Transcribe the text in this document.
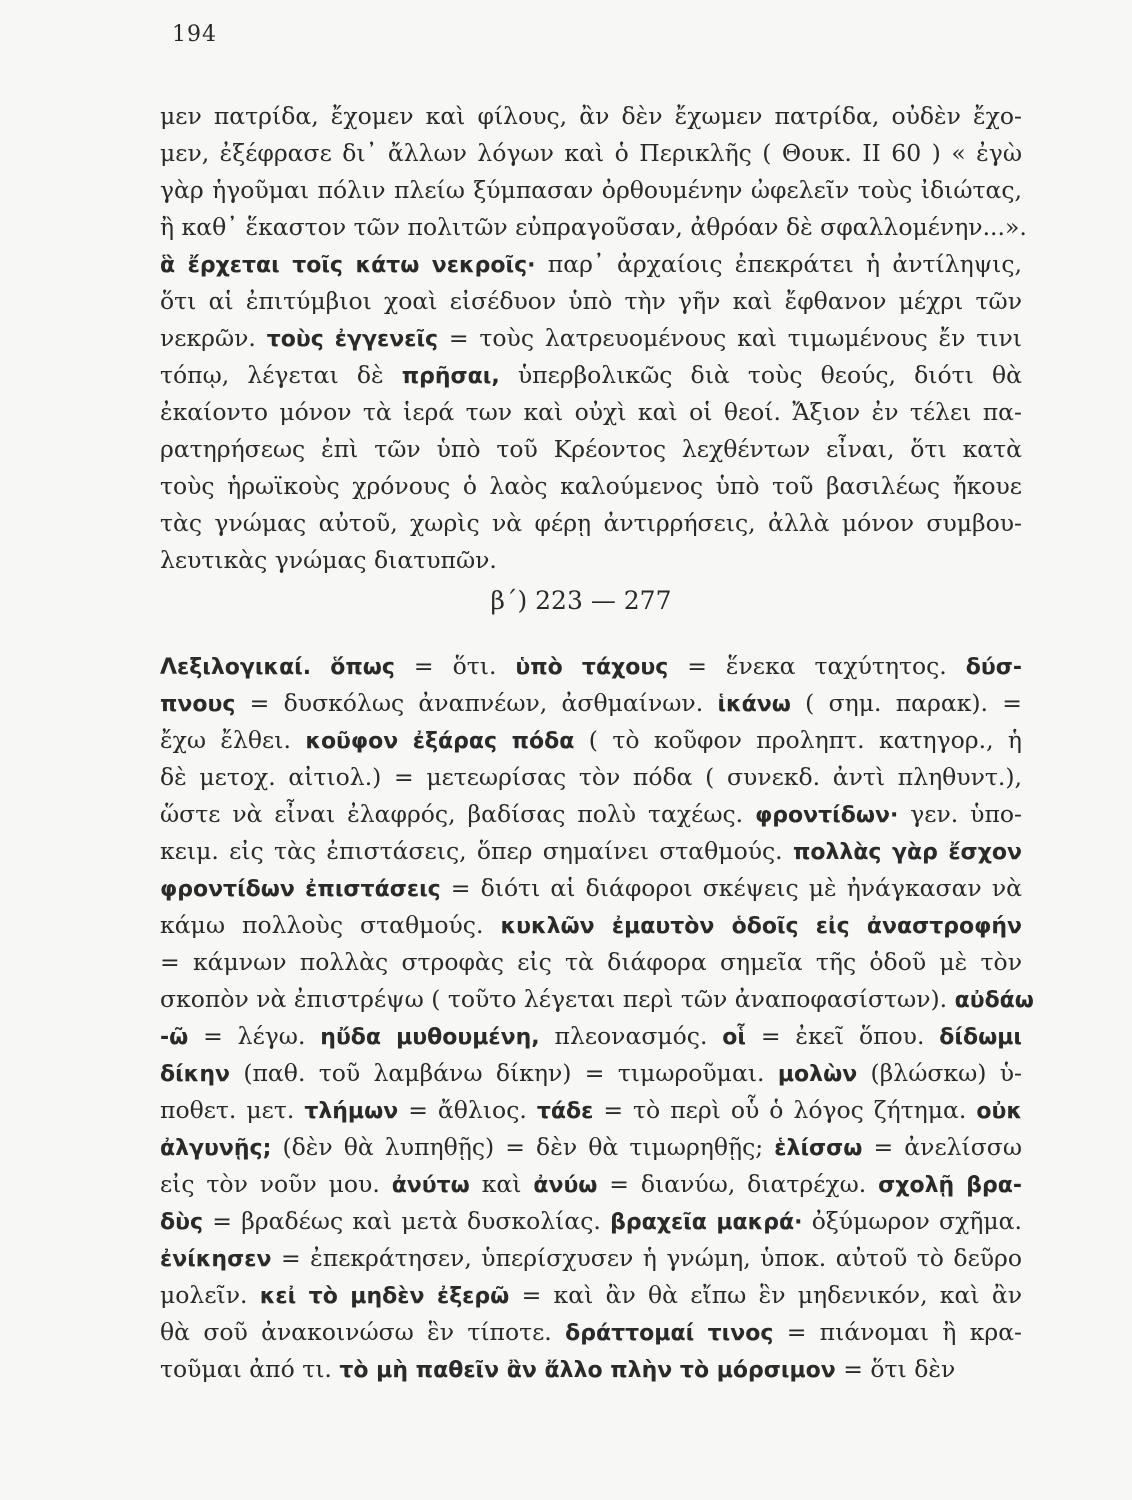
194
μεν πατρίδα, ἔχομεν καὶ φίλους, ἂν δὲν ἔχωμεν πατρίδα, οὐδὲν ἔχο-
μεν, ἐξέφρασε δι᾽ ἄλλων λόγων καὶ ὁ Περικλῆς ( Θουκ. ΙΙ 60 ) « ἐγὼ
γὰρ ἡγοῦμαι πόλιν πλείω ξύμπασαν ὀρθουμένην ὠφελεῖν τοὺς ἰδιώτας,
ἢ καθ᾽ ἕκαστον τῶν πολιτῶν εὐπραγοῦσαν, ἀθρόαν δὲ σφαλλομένην...».
ἃ ἔρχεται τοῖς κάτω νεκροῖς· παρ᾽ ἀρχαίοις ἐπεκράτει ἡ ἀντίληψις,
ὅτι αἱ ἐπιτύμβιοι χοαὶ εἰσέδυον ὑπὸ τὴν γῆν καὶ ἔφθανον μέχρι τῶν
νεκρῶν. τοὺς ἐγγενεῖς = τοὺς λατρευομένους καὶ τιμωμένους ἔν τινι
τόπῳ, λέγεται δὲ πρῆσαι, ὑπερβολικῶς διὰ τοὺς θεούς, διότι θὰ
ἐκαίοντο μόνον τὰ ἱερά των καὶ οὐχὶ καὶ οἱ θεοί. Ἄξιον ἐν τέλει πα-
ρατηρήσεως ἐπὶ τῶν ὑπὸ τοῦ Κρέοντος λεχθέντων εἶναι, ὅτι κατὰ
τοὺς ἡρωϊκοὺς χρόνους ὁ λαὸς καλούμενος ὑπὸ τοῦ βασιλέως ἤκουε
τὰς γνώμας αὐτοῦ, χωρὶς νὰ φέρῃ ἀντιρρήσεις, ἀλλὰ μόνον συμβου-
λευτικὰς γνώμας διατυπῶν.
β΄) 223 — 277
Λεξιλογικαί. ὅπως = ὅτι. ὑπὸ τάχους = ἕνεκα ταχύτητος. δύσ-
πνους = δυσκόλως ἀναπνέων, ἀσθμαίνων. ἱκάνω ( σημ. παρακ). =
ἔχω ἔλθει. κοῦφον ἐξάρας πόδα ( τὸ κοῦφον προληπτ. κατηγορ., ἡ
δὲ μετοχ. αἰτιολ.) = μετεωρίσας τὸν πόδα ( συνεκδ. ἀντὶ πληθυντ.),
ὥστε νὰ εἶναι ἐλαφρός, βαδίσας πολὺ ταχέως. φροντίδων· γεν. ὑπο-
κειμ. εἰς τὰς ἐπιστάσεις, ὅπερ σημαίνει σταθμούς. πολλὰς γὰρ ἔσχον
φροντίδων ἐπιστάσεις = διότι αἱ διάφοροι σκέψεις μὲ ἠνάγκασαν νὰ
κάμω πολλοὺς σταθμούς. κυκλῶν ἐμαυτὸν ὁδοῖς εἰς ἀναστροφήν
= κάμνων πολλὰς στροφὰς εἰς τὰ διάφορα σημεῖα τῆς ὁδοῦ μὲ τὸν
σκοπὸν νὰ ἐπιστρέψω ( τοῦτο λέγεται περὶ τῶν ἀναποφασίστων). αὐδάω
-ῶ = λέγω. ηὔδα μυθουμένη, πλεονασμός. οἷ = ἐκεῖ ὅπου. δίδωμι
δίκην (παθ. τοῦ λαμβάνω δίκην) = τιμωροῦμαι. μολὼν (βλώσκω) ὑ-
ποθετ. μετ. τλήμων = ἄθλιος. τάδε = τὸ περὶ οὗ ὁ λόγος ζήτημα. οὐκ
ἀλγυνῇς; (δὲν θὰ λυπηθῇς) = δὲν θὰ τιμωρηθῇς; ἑλίσσω = ἀνελίσσω
εἰς τὸν νοῦν μου. ἀνύτω καὶ ἀνύω = διανύω, διατρέχω. σχολῇ βρα-
δὺς = βραδέως καὶ μετὰ δυσκολίας. βραχεῖα μακρά· ὀξύμωρον σχῆμα.
ἐνίκησεν = ἐπεκράτησεν, ὑπερίσχυσεν ἡ γνώμη, ὑποκ. αὐτοῦ τὸ δεῦρο
μολεῖν. κεἰ τὸ μηδὲν ἐξερῶ = καὶ ἂν θὰ εἴπω ἓν μηδενικόν, καὶ ἂν
θὰ σοῦ ἀνακοινώσω ἓν τίποτε. δράττομαί τινος = πιάνομαι ἢ κρα-
τοῦμαι ἀπό τι. τὸ μὴ παθεῖν ἂν ἄλλο πλὴν τὸ μόρσιμον = ὅτι δὲν
